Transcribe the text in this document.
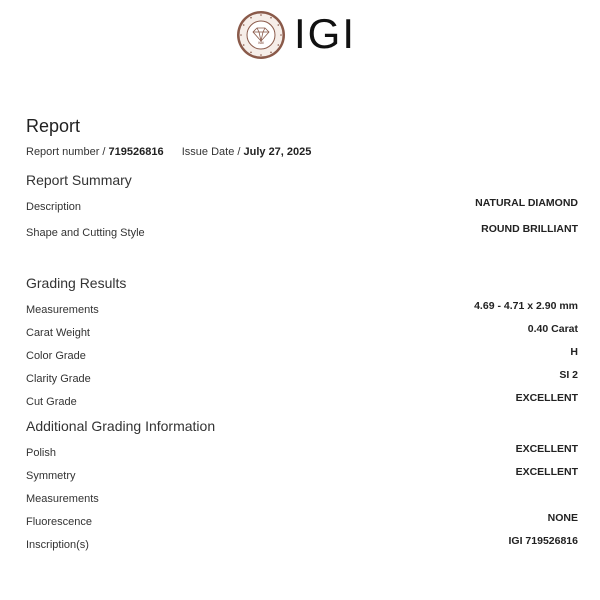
IGI IGI
Report
Report number / 719526816 Issue Date / July 27, 2025
Report Summary
Description	NATURAL DIAMOND
Shape and Cutting Style	ROUND BRILLIANT
Grading Results
Measurements	4.69 - 4.71 x 2.90 mm
Carat Weight	0.40 Carat
Color Grade	H
Clarity Grade	SI 2
Cut Grade	EXCELLENT
Additional Grading Information
Polish	EXCELLENT
Symmetry	EXCELLENT
Measurements
Fluorescence	NONE
Inscription(s)	IGI 719526816
